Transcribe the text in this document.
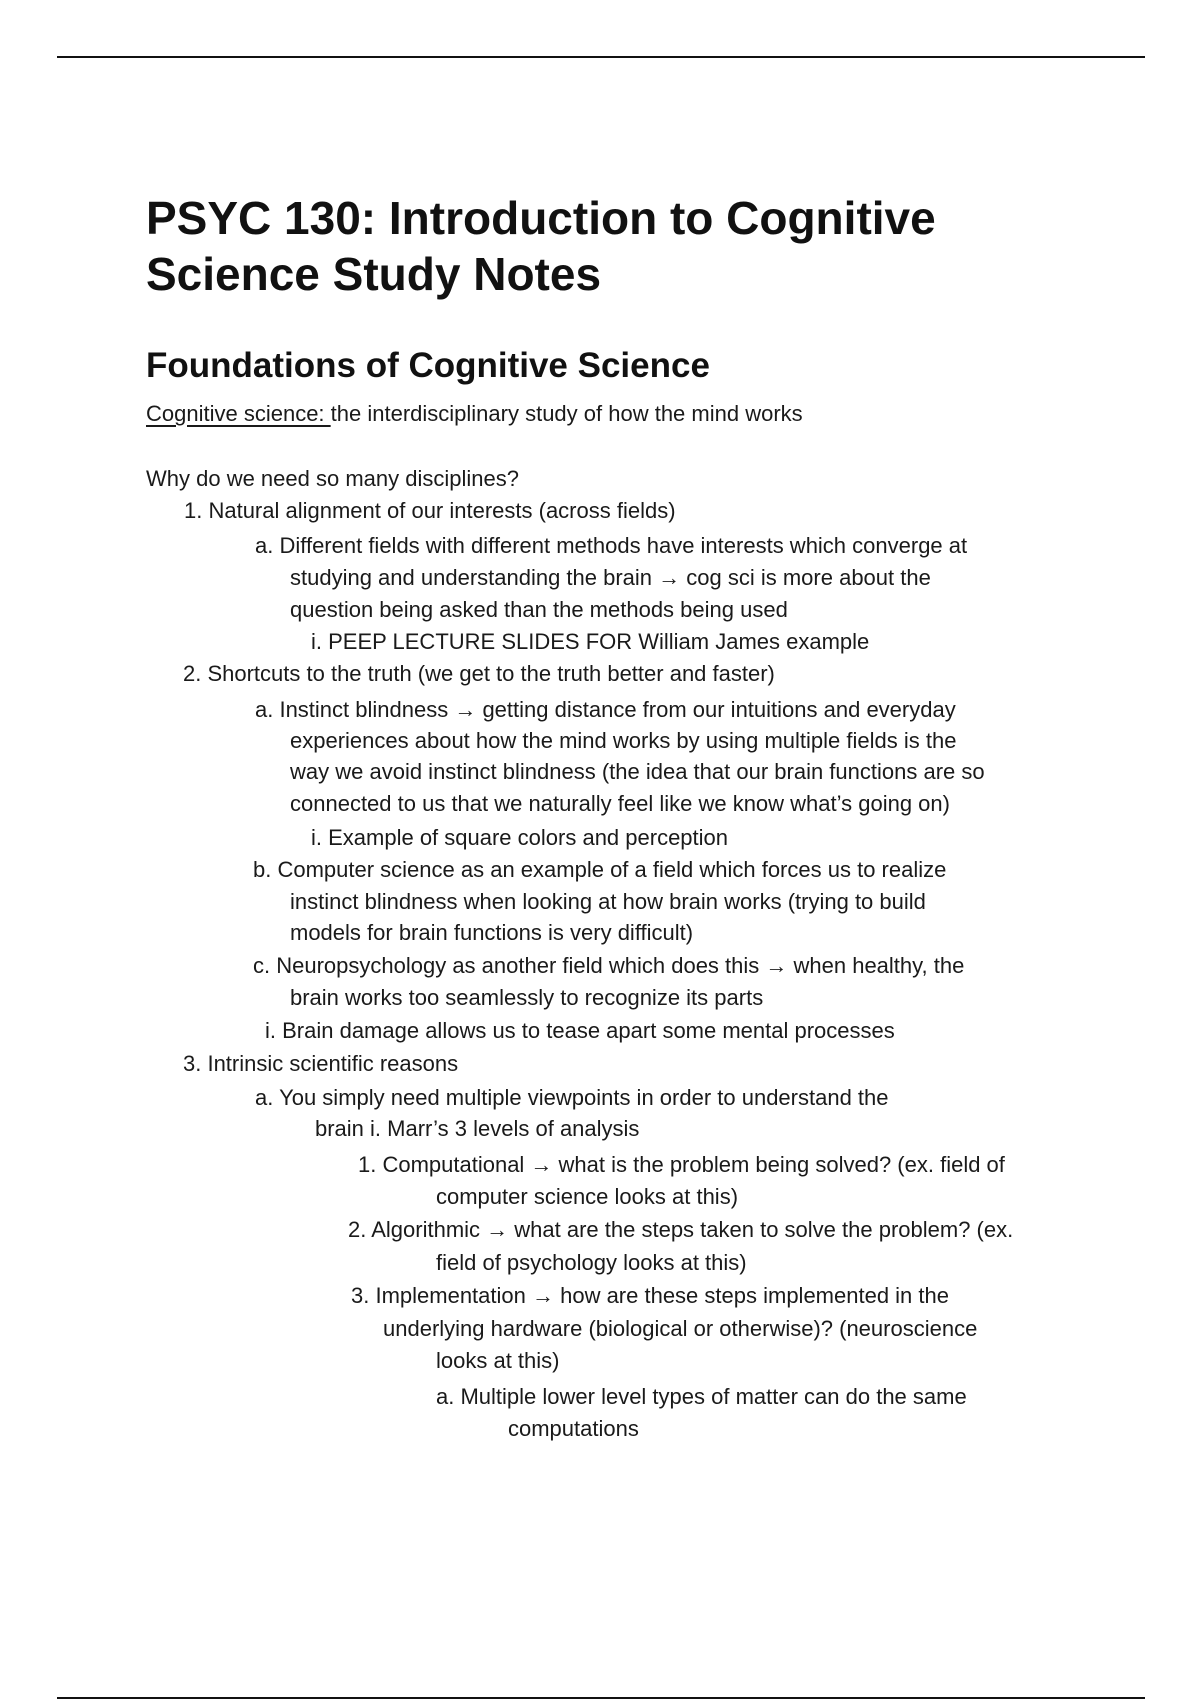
PSYC 130: Introduction to Cognitive
Science Study Notes
Foundations of Cognitive Science
Cognitive science: the interdisciplinary study of how the mind works
Why do we need so many disciplines?
1. Natural alignment of our interests (across fields)
a. Different fields with different methods have interests which converge at
studying and understanding the brain → cog sci is more about the
question being asked than the methods being used
i. PEEP LECTURE SLIDES FOR William James example
2. Shortcuts to the truth (we get to the truth better and faster)
a. Instinct blindness → getting distance from our intuitions and everyday
experiences about how the mind works by using multiple fields is the
way we avoid instinct blindness (the idea that our brain functions are so
connected to us that we naturally feel like we know what’s going on)
i. Example of square colors and perception
b. Computer science as an example of a field which forces us to realize
instinct blindness when looking at how brain works (trying to build
models for brain functions is very difficult)
c. Neuropsychology as another field which does this → when healthy, the
brain works too seamlessly to recognize its parts
i. Brain damage allows us to tease apart some mental processes
3. Intrinsic scientific reasons
a. You simply need multiple viewpoints in order to understand the
brain i. Marr’s 3 levels of analysis
1. Computational → what is the problem being solved? (ex. field of
computer science looks at this)
2. Algorithmic → what are the steps taken to solve the problem? (ex.
field of psychology looks at this)
3. Implementation → how are these steps implemented in the
underlying hardware (biological or otherwise)? (neuroscience
looks at this)
a. Multiple lower level types of matter can do the same
computations
